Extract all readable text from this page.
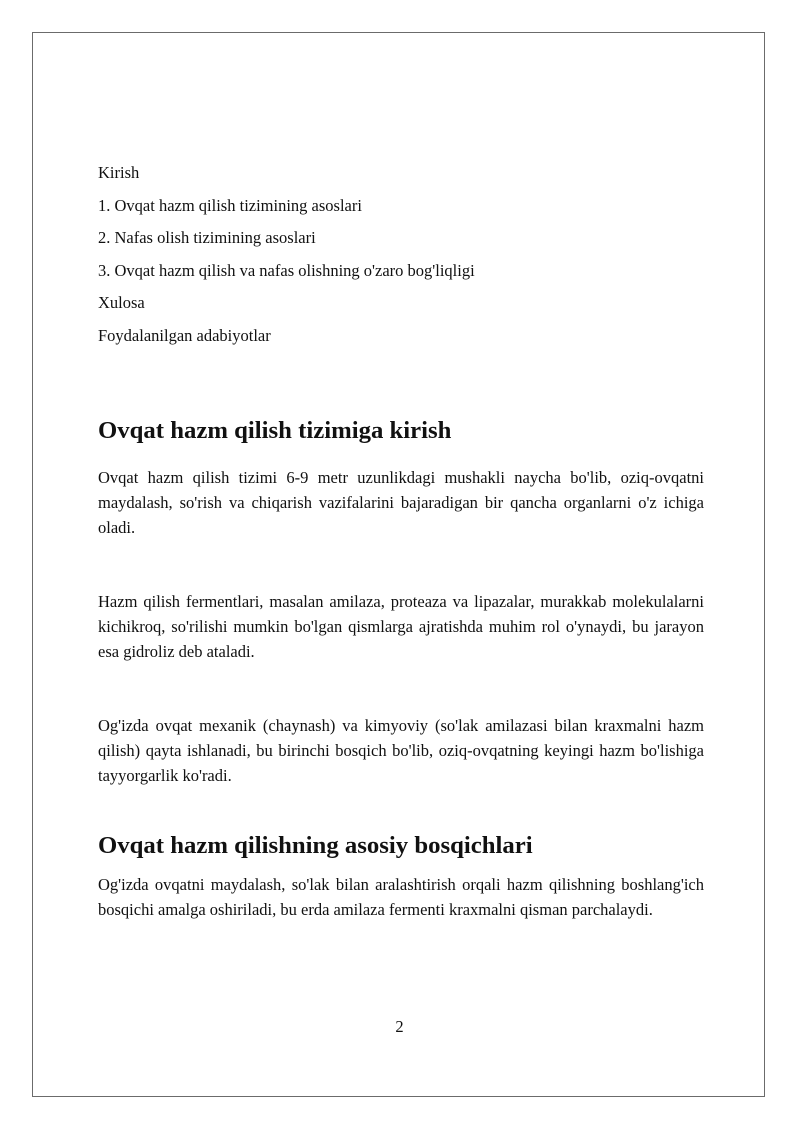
Kirish

1. Ovqat hazm qilish tizimining asoslari

2. Nafas olish tizimining asoslari

3. Ovqat hazm qilish va nafas olishning o'zaro bog'liqligi

Xulosa

Foydalanilgan adabiyotlar

Ovqat hazm qilish tizimiga kirish

Ovqat hazm qilish tizimi 6-9 metr uzunlikdagi mushakli naycha bo'lib, oziq-ovqatni maydalash, so'rish va chiqarish vazifalarini bajaradigan bir qancha organlarni o'z ichiga oladi.

Hazm qilish fermentlari, masalan amilaza, proteaza va lipazalar, murakkab molekulalarni kichikroq, so'rilishi mumkin bo'lgan qismlarga ajratishda muhim rol o'ynaydi, bu jarayon esa gidroliz deb ataladi.

Og'izda ovqat mexanik (chaynash) va kimyoviy (so'lak amilazasi bilan kraxmalni hazm qilish) qayta ishlanadi, bu birinchi bosqich bo'lib, oziq-ovqatning keyingi hazm bo'lishiga tayyorgarlik ko'radi.

Ovqat hazm qilishning asosiy bosqichlari

Og'izda ovqatni maydalash, so'lak bilan aralashtirish orqali hazm qilishning boshlang'ich bosqichi amalga oshiriladi, bu erda amilaza fermenti kraxmalni qisman parchalaydi.

2
